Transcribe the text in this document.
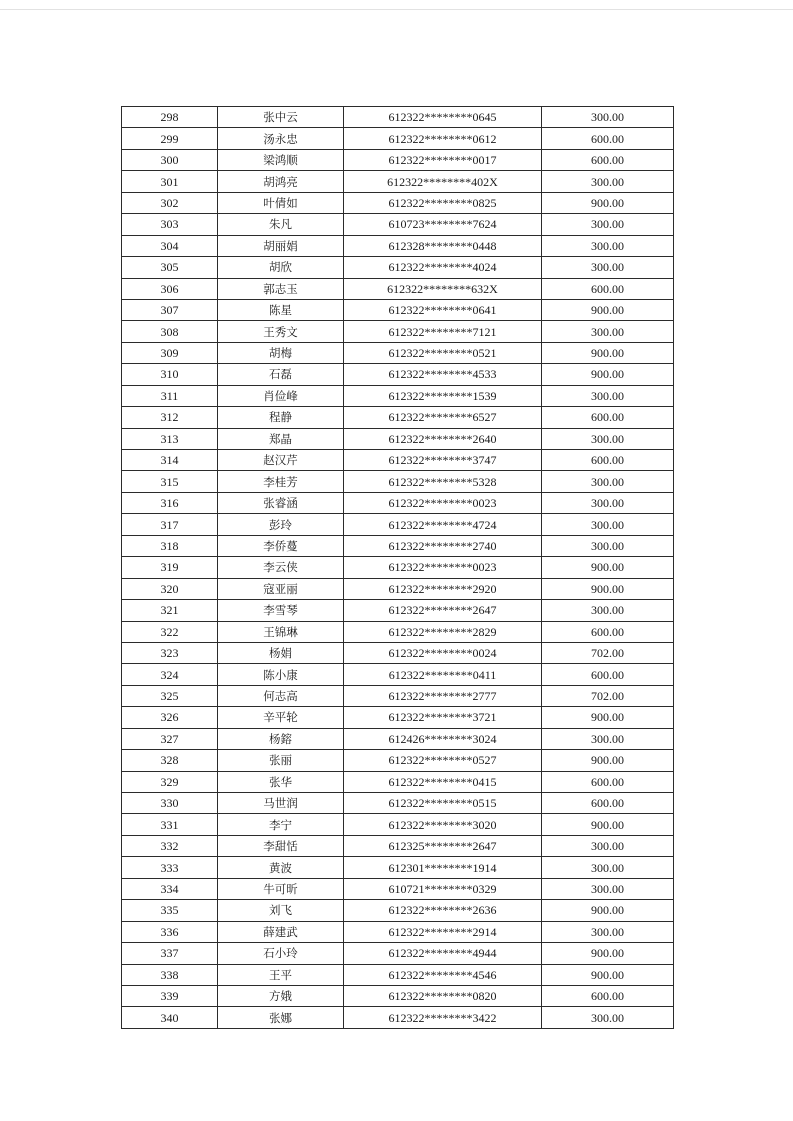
298	张中云	612322********0645	300.00
299	汤永忠	612322********0612	600.00
300	梁鸿顺	612322********0017	600.00
301	胡鸿亮	612322********402X	300.00
302	叶倩如	612322********0825	900.00
303	朱凡	610723********7624	300.00
304	胡丽娟	612328********0448	300.00
305	胡欣	612322********4024	300.00
306	郭志玉	612322********632X	600.00
307	陈星	612322********0641	900.00
308	王秀文	612322********7121	300.00
309	胡梅	612322********0521	900.00
310	石磊	612322********4533	900.00
311	肖俭峰	612322********1539	300.00
312	程静	612322********6527	600.00
313	郑晶	612322********2640	300.00
314	赵汉芹	612322********3747	600.00
315	李桂芳	612322********5328	300.00
316	张睿涵	612322********0023	300.00
317	彭玲	612322********4724	300.00
318	李侨蔓	612322********2740	300.00
319	李云侠	612322********0023	900.00
320	寇亚丽	612322********2920	900.00
321	李雪琴	612322********2647	300.00
322	王锦琳	612322********2829	600.00
323	杨娟	612322********0024	702.00
324	陈小康	612322********0411	600.00
325	何志高	612322********2777	702.00
326	辛平轮	612322********3721	900.00
327	杨鎔	612426********3024	300.00
328	张丽	612322********0527	900.00
329	张华	612322********0415	600.00
330	马世润	612322********0515	600.00
331	李宁	612322********3020	900.00
332	李甜恬	612325********2647	300.00
333	黄波	612301********1914	300.00
334	牛可昕	610721********0329	300.00
335	刘飞	612322********2636	900.00
336	薛建武	612322********2914	300.00
337	石小玲	612322********4944	900.00
338	王平	612322********4546	900.00
339	方娥	612322********0820	600.00
340	张娜	612322********3422	300.00
